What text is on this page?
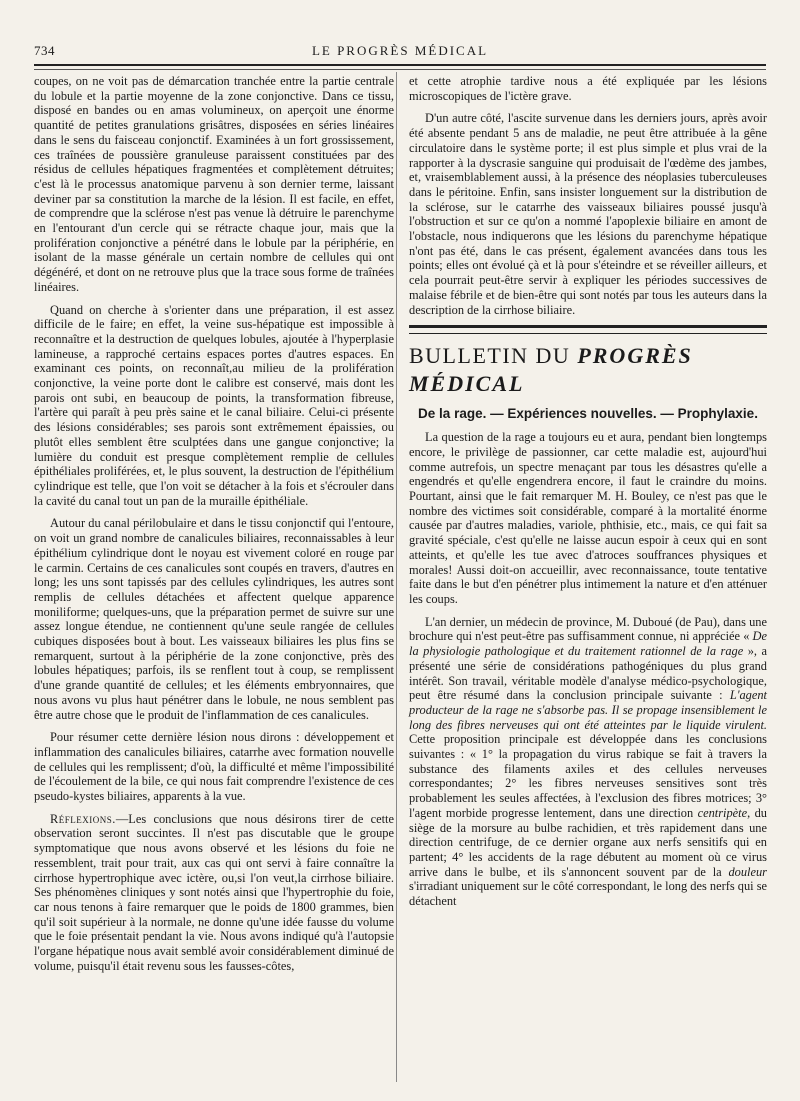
734	LE PROGRÈS MÉDICAL

coupes, on ne voit pas de démarcation tranchée entre la partie centrale du lobule et la partie moyenne de la zone conjonctive. Dans ce tissu, disposé en bandes ou en amas volumineux, on aperçoit une énorme quantité de petites granulations grisâtres, disposées en séries linéaires dans le sens du faisceau conjonctif. Examinées à un fort grossissement, ces traînées de poussière granuleuse paraissent constituées par des résidus de cellules hépatiques fragmentées et complètement détruites; c'est là le processus anatomique parvenu à son dernier terme, laissant deviner par sa constitution la marche de la lésion. Il est facile, en effet, de comprendre que la sclérose n'est pas venue là détruire le parenchyme en l'entourant d'un cercle qui se rétracte chaque jour, mais que la prolifération conjonctive a pénétré dans le lobule par la périphérie, en isolant de la masse générale un certain nombre de cellules qui ont dégénéré, et dont on ne retrouve plus que la trace sous forme de traînées linéaires.

Quand on cherche à s'orienter dans une préparation, il est assez difficile de le faire; en effet, la veine sus-hépatique est impossible à reconnaître et la destruction de quelques lobules, ajoutée à l'hyperplasie lamineuse, a rapproché certains espaces portes d'autres espaces. En examinant ces points, on reconnaît,au milieu de la prolifération conjonctive, la veine porte dont le calibre est conservé, mais dont les parois ont subi, en beaucoup de points, la transformation fibreuse, l'artère qui paraît à peu près saine et le canal biliaire. Celui-ci présente des lésions considérables; ses parois sont extrêmement épaissies, ou plutôt elles semblent être sculptées dans une gangue conjonctive; la lumière du conduit est presque complètement remplie de cellules épithéliales proliférées, et, le plus souvent, la destruction de l'épithélium cylindrique est telle, que l'on voit se détacher à la fois et s'écrouler dans la cavité du canal tout un pan de la muraille épithéliale.

Autour du canal périlobulaire et dans le tissu conjonctif qui l'entoure, on voit un grand nombre de canalicules biliaires, reconnaissables à leur épithélium cylindrique dont le noyau est vivement coloré en rouge par le carmin. Certains de ces canalicules sont coupés en travers, d'autres en long; les uns sont tapissés par des cellules cylindriques, les autres sont remplis de cellules détachées et affectent quelque apparence moniliforme; quelques-uns, que la préparation permet de suivre sur une assez longue étendue, ne contiennent qu'une seule rangée de cellules cubiques disposées bout à bout. Les vaisseaux biliaires les plus fins se remarquent, surtout à la périphérie de la zone conjonctive, près des lobules hépatiques; parfois, ils se renflent tout à coup, se remplissent d'une grande quantité de cellules; et les éléments embryonnaires, que nous avons vu plus haut pénétrer dans le lobule, ne nous semblent pas être autre chose que le produit de l'inflammation de ces canalicules.

Pour résumer cette dernière lésion nous dirons : développement et inflammation des canalicules biliaires, catarrhe avec formation nouvelle de cellules qui les remplissent; d'où, la difficulté et même l'impossibilité de l'écoulement de la bile, ce qui nous fait comprendre l'existence de ces pseudo-kystes biliaires, apparents à la vue.

Réflexions.—Les conclusions que nous désirons tirer de cette observation seront succintes. Il n'est pas discutable que le groupe symptomatique que nous avons observé et les lésions du foie ne ressemblent, trait pour trait, aux cas qui ont servi à faire connaître la cirrhose hypertrophique avec ictère, ou,si l'on veut,la cirrhose biliaire. Ses phénomènes cliniques y sont notés ainsi que l'hypertrophie du foie, car nous tenons à faire remarquer que le poids de 1800 grammes, bien qu'il soit supérieur à la normale, ne donne qu'une idée fausse du volume que le foie présentait pendant la vie. Nous avons indiqué qu'à l'autopsie l'organe hépatique nous avait semblé avoir considérablement diminué de volume, puisqu'il était revenu sous les fausses-côtes,

et cette atrophie tardive nous a été expliquée par les lésions microscopiques de l'ictère grave.

D'un autre côté, l'ascite survenue dans les derniers jours, après avoir été absente pendant 5 ans de maladie, ne peut être attribuée à la gêne circulatoire dans le système porte; il est plus simple et plus vrai de la rapporter à la dyscrasie sanguine qui produisait de l'œdème des jambes, et, vraisemblablement aussi, à la présence des néoplasies tuberculeuses dans le péritoine. Enfin, sans insister longuement sur la distribution de la sclérose, sur le catarrhe des vaisseaux biliaires poussé jusqu'à l'obstruction et sur ce qu'on a nommé l'apoplexie biliaire en amont de l'obstacle, nous indiquerons que les lésions du parenchyme hépatique n'ont pas été, dans le cas présent, également avancées dans tous les points; elles ont évolué çà et là pour s'éteindre et se réveiller ailleurs, et cela pourrait peut-être servir à expliquer les périodes successives de malaise fébrile et de bien-être qui sont notés par tous les auteurs dans la description de la cirrhose biliaire.

BULLETIN DU PROGRÈS MÉDICAL

De la rage. — Expériences nouvelles. — Prophylaxie.

La question de la rage a toujours eu et aura, pendant bien longtemps encore, le privilège de passionner, car cette maladie est, aujourd'hui comme autrefois, un spectre menaçant par tous les désastres qu'elle a engendrés et qu'elle engendrera encore, il faut le craindre du moins. Pourtant, ainsi que le fait remarquer M. H. Bouley, ce n'est pas que le nombre des victimes soit considérable, comparé à la mortalité énorme causée par d'autres maladies, variole, phthisie, etc., mais, ce qui fait sa gravité spéciale, c'est qu'elle ne laisse aucun espoir à ceux qui en sont atteints, et qu'elle les tue avec d'atroces souffrances physiques et morales! Aussi doit-on accueillir, avec reconnaissance, toute tentative faite dans le but d'en pénétrer plus intimement la nature et d'en atténuer les coups.

L'an dernier, un médecin de province, M. Duboué (de Pau), dans une brochure qui n'est peut-être pas suffisamment connue, ni appréciée « De la physiologie pathologique et du traitement rationnel de la rage », a présenté une série de considérations pathogéniques du plus grand intérêt. Son travail, véritable modèle d'analyse médico-psychologique, peut être résumé dans la conclusion principale suivante : L'agent producteur de la rage ne s'absorbe pas. Il se propage insensiblement le long des fibres nerveuses qui ont été atteintes par le liquide virulent. Cette proposition principale est développée dans les conclusions suivantes : « 1° la propagation du virus rabique se fait à travers la substance des filaments axiles et des cellules nerveuses correspondantes; 2° les fibres nerveuses sensitives sont très probablement les seules affectées, à l'exclusion des fibres motrices; 3° l'agent morbide progresse lentement, dans une direction centripète, du siège de la morsure au bulbe rachidien, et très rapidement dans une direction centrifuge, de ce dernier organe aux nerfs sensitifs qui en partent; 4° les accidents de la rage débutent au moment où ce virus arrive dans le bulbe, et ils s'annoncent souvent par de la douleur s'irradiant uniquement sur le côté correspondant, le long des nerfs qui se détachent
